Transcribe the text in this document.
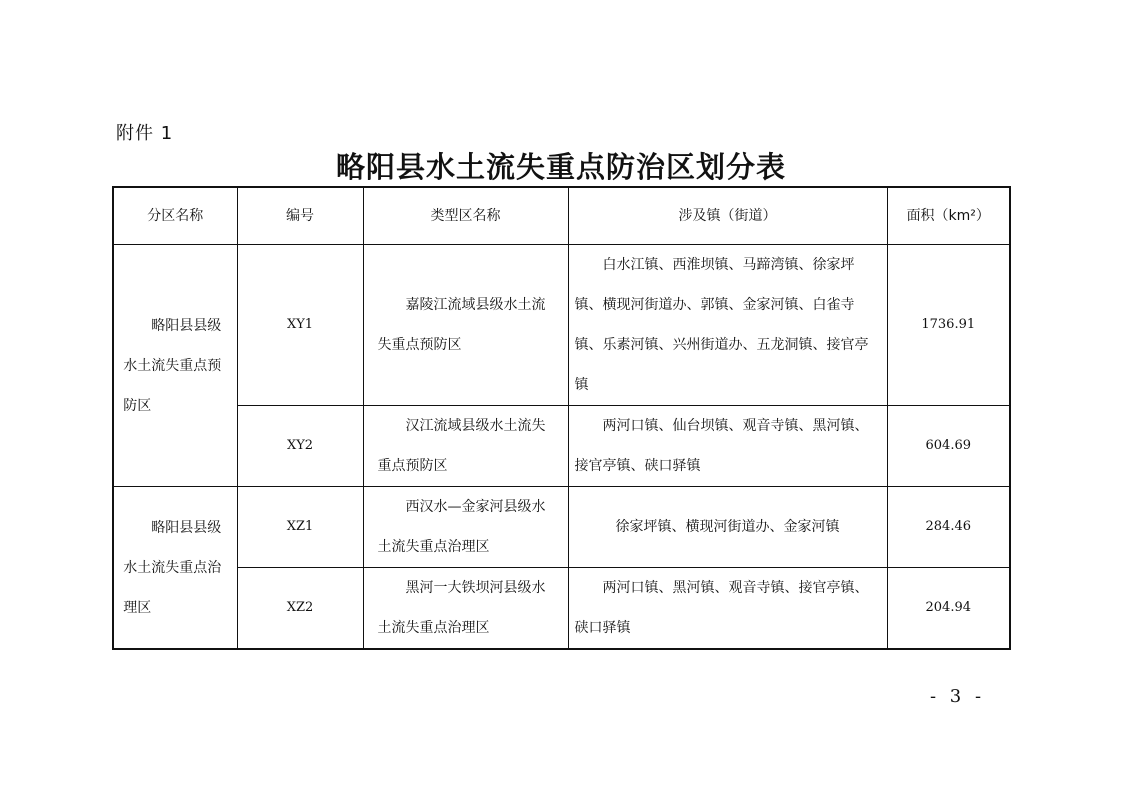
附件 1
略阳县水土流失重点防治区划分表
分区名称	编号	类型区名称	涉及镇（街道）	面积（km²）
略阳县县级水土流失重点预防区	XY1	嘉陵江流域县级水土流失重点预防区	白水江镇、西淮坝镇、马蹄湾镇、徐家坪镇、横现河街道办、郭镇、金家河镇、白雀寺镇、乐素河镇、兴州街道办、五龙洞镇、接官亭镇	1736.91
	XY2	汉江流域县级水土流失重点预防区	两河口镇、仙台坝镇、观音寺镇、黑河镇、接官亭镇、硖口驿镇	604.69
略阳县县级水土流失重点治理区	XZ1	西汉水—金家河县级水土流失重点治理区	徐家坪镇、横现河街道办、金家河镇	284.46
	XZ2	黑河一大铁坝河县级水土流失重点治理区	两河口镇、黑河镇、观音寺镇、接官亭镇、硖口驿镇	204.94
- 3 -
